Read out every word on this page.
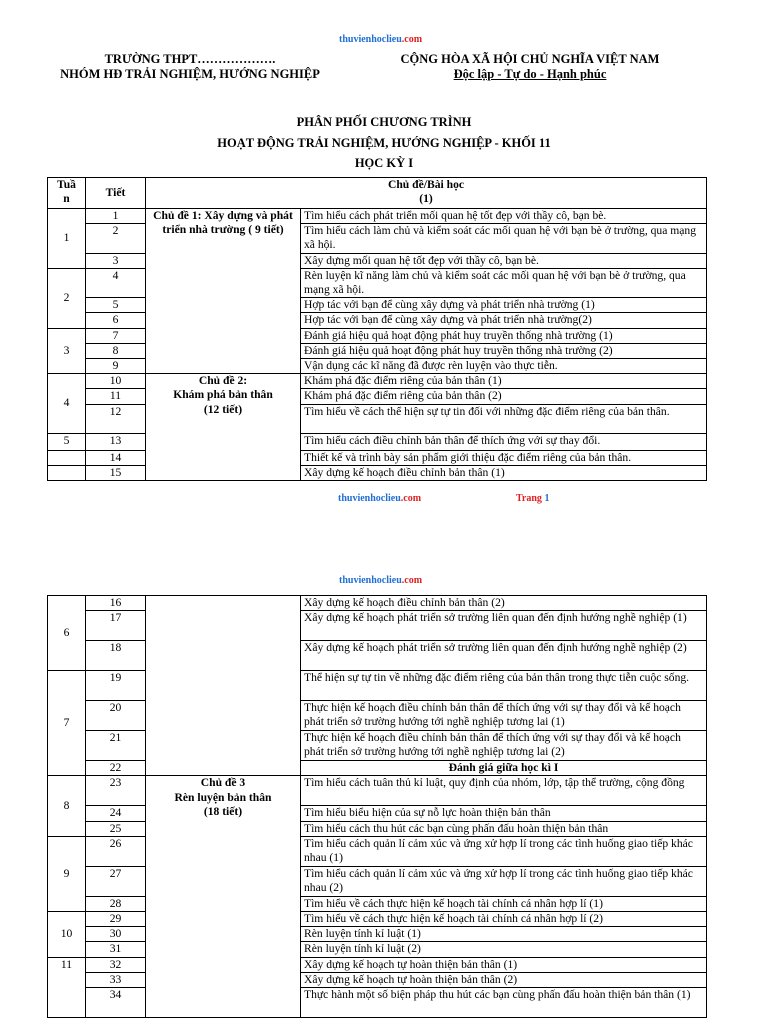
thuvienhoclieu.com
TRƯỜNG THPT……………….
NHÓM HĐ TRẢI NGHIỆM, HƯỚNG NGHIỆP
CỘNG HÒA XÃ HỘI CHỦ NGHĨA VIỆT NAM
Độc lập - Tự do - Hạnh phúc
PHÂN PHỐI CHƯƠNG TRÌNH
HOẠT ĐỘNG TRẢI NGHIỆM, HƯỚNG NGHIỆP - KHỐI 11
HỌC KỲ I
Tuầ
n	Tiết	Chủ đề/Bài học
(1)	
1	1	Chủ đề 1: Xây dựng và phát triển nhà trường ( 9 tiết)	Tìm hiểu cách phát triển mối quan hệ tốt đẹp với thầy cô, bạn bè.
	2		Tìm hiểu cách làm chủ và kiểm soát các mối quan hệ với bạn bè ở trường, qua mạng xã hội.
	3		Xây dựng mối quan hệ tốt đẹp với thầy cô, bạn bè.
2	4		Rèn luyện kĩ năng làm chủ và kiểm soát các mối quan hệ với bạn bè ở trường, qua mạng xã hội.
	5		Hợp tác với bạn để cùng xây dựng và phát triển nhà trường (1)
	6		Hợp tác với bạn để cùng xây dựng và phát triển nhà trường(2)
3	7		Đánh giá hiệu quả hoạt động phát huy truyền thống nhà trường (1)
	8		Đánh giá hiệu quả hoạt động phát huy truyền thống nhà trường (2)
	9		Vận dụng các kĩ năng đã được rèn luyện vào thực tiễn.
4	10	Chủ đề 2:
Khám phá bản thân
(12 tiết)	Khám phá đặc điểm riêng của bản thân (1)
	11		Khám phá đặc điểm riêng của bản thân (2)
	12		Tìm hiểu về cách thể hiện sự tự tin đối với những đặc điểm riêng của bản thân.
5	13		Tìm hiểu cách điều chỉnh bản thân để thích ứng với sự thay đổi.
	14		Thiết kế và trình bày sản phẩm giới thiệu đặc điểm riêng của bản thân.
	15		Xây dựng kế hoạch điều chỉnh bản thân (1)
thuvienhoclieu.com	Trang 1
thuvienhoclieu.com
6	16		Xây dựng kế hoạch điều chỉnh bản thân (2)
	17		Xây dựng kế hoạch phát triển sở trường liên quan đến định hướng nghề nghiệp (1)
	18		Xây dựng kế hoạch phát triển sở trường liên quan đến định hướng nghề nghiệp (2)
7	19		Thể hiện sự tự tin về những đặc điểm riêng của bản thân trong thực tiễn cuộc sống.
	20		Thực hiện kế hoạch điều chỉnh bản thân để thích ứng với sự thay đổi và kế hoạch phát triển sở trường hướng tới nghề nghiệp tương lai (1)
	21		Thực hiện kế hoạch điều chỉnh bản thân để thích ứng với sự thay đổi và kế hoạch phát triển sở trường hướng tới nghề nghiệp tương lai (2)
	22		Đánh giá giữa học kì I
8	23	Chủ đề 3
Rèn luyện bản thân
(18 tiết)	Tìm hiểu cách tuân thủ kỉ luật, quy định của nhóm, lớp, tập thể trường, cộng đồng
	24		Tìm hiểu biểu hiện của sự nỗ lực hoàn thiện bản thân
	25		Tìm hiểu cách thu hút các bạn cùng phấn đấu hoàn thiện bản thân
9	26		Tìm hiểu cách quản lí cảm xúc và ứng xử hợp lí trong các tình huống giao tiếp khác nhau (1)
	27		Tìm hiểu cách quản lí cảm xúc và ứng xử hợp lí trong các tình huống giao tiếp khác nhau (2)
	28		Tìm hiểu về cách thực hiện kế hoạch tài chính cá nhân hợp lí (1)
10	29		Tìm hiểu về cách thực hiện kế hoạch tài chính cá nhân hợp lí (2)
	30		Rèn luyện tính kỉ luật (1)
	31		Rèn luyện tính kỉ luật (2)
11	32		Xây dựng kế hoạch tự hoàn thiện bản thân (1)
	33		Xây dựng kế hoạch tự hoàn thiện bản thân (2)
	34		Thực hành một số biện pháp thu hút các bạn cùng phấn đấu hoàn thiện bản thân (1)
